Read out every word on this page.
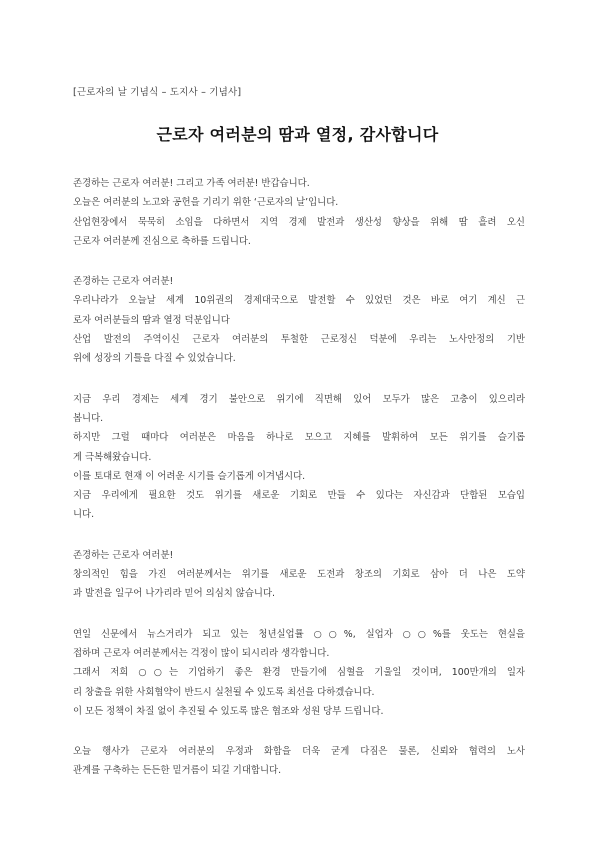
[근로자의 날 기념식 – 도지사 – 기념사]
근로자 여러분의 땀과 열정, 감사합니다
존경하는 근로자 여러분! 그리고 가족 여러분! 반갑습니다.
오늘은 여러분의 노고와 공헌을 기리기 위한 ‘근로자의 날’입니다.
산업현장에서 묵묵히 소임을 다하면서 지역 경제 발전과 생산성 향상을 위해 땀 흘려 오신
근로자 여러분께 진심으로 축하를 드립니다.
존경하는 근로자 여러분!
우리나라가 오늘날 세계 10위권의 경제대국으로 발전할 수 있었던 것은 바로 여기 계신 근
로자 여러분들의 땀과 열정 덕분입니다
산업 발전의 주역이신 근로자 여러분의 투철한 근로정신 덕분에 우리는 노사안정의 기반
위에 성장의 기틀을 다질 수 있었습니다.
지금 우리 경제는 세계 경기 불안으로 위기에 직면해 있어 모두가 많은 고충이 있으리라
봅니다.
하지만 그럴 때마다 여러분은 마음을 하나로 모으고 지혜를 발휘하여 모든 위기를 슬기롭
게 극복해왔습니다.
이를 토대로 현재 이 어려운 시기를 슬기롭게 이겨냅시다.
지금 우리에게 필요한 것도 위기를 새로운 기회로 만들 수 있다는 자신감과 단합된 모습입
니다.
존경하는 근로자 여러분!
창의적인 힘을 가진 여러분께서는 위기를 새로운 도전과 창조의 기회로 삼아 더 나은 도약
과 발전을 일구어 나가리라 믿어 의심치 않습니다.
연일 신문에서 뉴스거리가 되고 있는 청년실업률 ○○%, 실업자 ○○%를 웃도는 현실을
접하며 근로자 여러분께서는 걱정이 많이 되시리라 생각합니다.
그래서 저희 ○○는 기업하기 좋은 환경 만들기에 심혈을 기울일 것이며, 100만개의 일자
리 창출을 위한 사회협약이 반드시 실천될 수 있도록 최선을 다하겠습니다.
이 모든 정책이 차질 없이 추진될 수 있도록 많은 협조와 성원 당부 드립니다.
오늘 행사가 근로자 여러분의 우정과 화합을 더욱 굳게 다짐은 물론, 신뢰와 협력의 노사
관계를 구축하는 든든한 밑거름이 되길 기대합니다.
